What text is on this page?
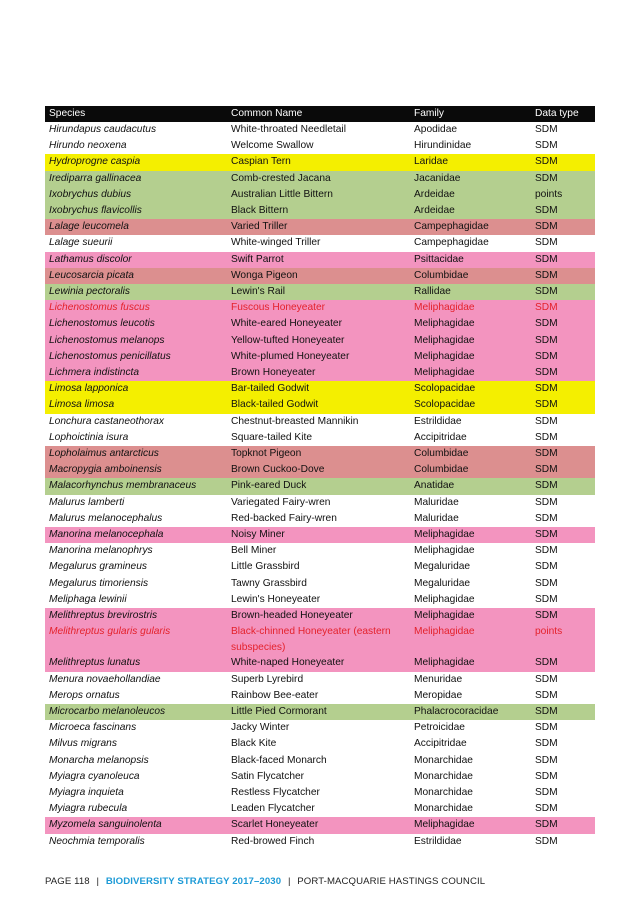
Species	Common Name	Family	Data type
Hirundapus caudacutus	White-throated Needletail	Apodidae	SDM
Hirundo neoxena	Welcome Swallow	Hirundinidae	SDM
Hydroprogne caspia	Caspian Tern	Laridae	SDM
Irediparra gallinacea	Comb-crested Jacana	Jacanidae	SDM
Ixobrychus dubius	Australian Little Bittern	Ardeidae	points
Ixobrychus flavicollis	Black Bittern	Ardeidae	SDM
Lalage leucomela	Varied Triller	Campephagidae	SDM
Lalage sueurii	White-winged Triller	Campephagidae	SDM
Lathamus discolor	Swift Parrot	Psittacidae	SDM
Leucosarcia picata	Wonga Pigeon	Columbidae	SDM
Lewinia pectoralis	Lewin's Rail	Rallidae	SDM
Lichenostomus fuscus	Fuscous Honeyeater	Meliphagidae	SDM
Lichenostomus leucotis	White-eared Honeyeater	Meliphagidae	SDM
Lichenostomus melanops	Yellow-tufted Honeyeater	Meliphagidae	SDM
Lichenostomus penicillatus	White-plumed Honeyeater	Meliphagidae	SDM
Lichmera indistincta	Brown Honeyeater	Meliphagidae	SDM
Limosa lapponica	Bar-tailed Godwit	Scolopacidae	SDM
Limosa limosa	Black-tailed Godwit	Scolopacidae	SDM
Lonchura castaneothorax	Chestnut-breasted Mannikin	Estrildidae	SDM
Lophoictinia isura	Square-tailed Kite	Accipitridae	SDM
Lopholaimus antarcticus	Topknot Pigeon	Columbidae	SDM
Macropygia amboinensis	Brown Cuckoo-Dove	Columbidae	SDM
Malacorhynchus membranaceus	Pink-eared Duck	Anatidae	SDM
Malurus lamberti	Variegated Fairy-wren	Maluridae	SDM
Malurus melanocephalus	Red-backed Fairy-wren	Maluridae	SDM
Manorina melanocephala	Noisy Miner	Meliphagidae	SDM
Manorina melanophrys	Bell Miner	Meliphagidae	SDM
Megalurus gramineus	Little Grassbird	Megaluridae	SDM
Megalurus timoriensis	Tawny Grassbird	Megaluridae	SDM
Meliphaga lewinii	Lewin's Honeyeater	Meliphagidae	SDM
Melithreptus brevirostris	Brown-headed Honeyeater	Meliphagidae	SDM
Melithreptus gularis gularis	Black-chinned Honeyeater (eastern subspecies)	Meliphagidae	points
Melithreptus lunatus	White-naped Honeyeater	Meliphagidae	SDM
Menura novaehollandiae	Superb Lyrebird	Menuridae	SDM
Merops ornatus	Rainbow Bee-eater	Meropidae	SDM
Microcarbo melanoleucos	Little Pied Cormorant	Phalacrocoracidae	SDM
Microeca fascinans	Jacky Winter	Petroicidae	SDM
Milvus migrans	Black Kite	Accipitridae	SDM
Monarcha melanopsis	Black-faced Monarch	Monarchidae	SDM
Myiagra cyanoleuca	Satin Flycatcher	Monarchidae	SDM
Myiagra inquieta	Restless Flycatcher	Monarchidae	SDM
Myiagra rubecula	Leaden Flycatcher	Monarchidae	SDM
Myzomela sanguinolenta	Scarlet Honeyeater	Meliphagidae	SDM
Neochmia temporalis	Red-browed Finch	Estrildidae	SDM
PAGE 118 | BIODIVERSITY STRATEGY 2017–2030 | PORT-MACQUARIE HASTINGS COUNCIL
